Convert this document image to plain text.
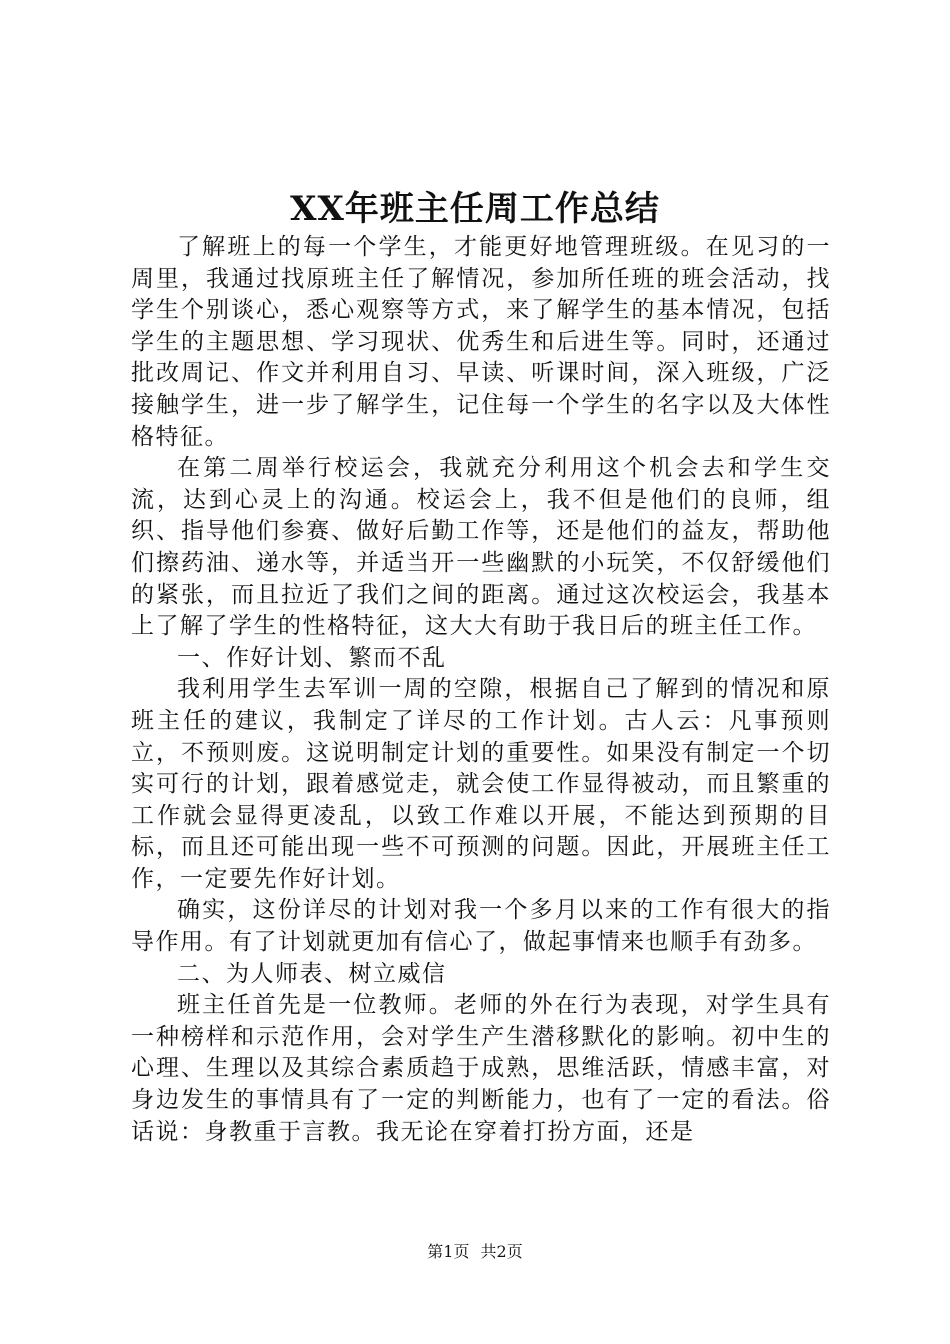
XX年班主任周工作总结

了解班上的每一个学生，才能更好地管理班级。在见习的一周里，我通过找原班主任了解情况，参加所任班的班会活动，找学生个别谈心，悉心观察等方式，来了解学生的基本情况，包括学生的主题思想、学习现状、优秀生和后进生等。同时，还通过批改周记、作文并利用自习、早读、听课时间，深入班级，广泛接触学生，进一步了解学生，记住每一个学生的名字以及大体性格特征。

在第二周举行校运会，我就充分利用这个机会去和学生交流，达到心灵上的沟通。校运会上，我不但是他们的良师，组织、指导他们参赛、做好后勤工作等，还是他们的益友，帮助他们擦药油、递水等，并适当开一些幽默的小玩笑，不仅舒缓他们的紧张，而且拉近了我们之间的距离。通过这次校运会，我基本上了解了学生的性格特征，这大大有助于我日后的班主任工作。

一、作好计划、繁而不乱

我利用学生去军训一周的空隙，根据自己了解到的情况和原班主任的建议，我制定了详尽的工作计划。古人云：凡事预则立，不预则废。这说明制定计划的重要性。如果没有制定一个切实可行的计划，跟着感觉走，就会使工作显得被动，而且繁重的工作就会显得更凌乱，以致工作难以开展，不能达到预期的目标，而且还可能出现一些不可预测的问题。因此，开展班主任工作，一定要先作好计划。

确实，这份详尽的计划对我一个多月以来的工作有很大的指导作用。有了计划就更加有信心了，做起事情来也顺手有劲多。

二、为人师表、树立威信

班主任首先是一位教师。老师的外在行为表现，对学生具有一种榜样和示范作用，会对学生产生潜移默化的影响。初中生的心理、生理以及其综合素质趋于成熟，思维活跃，情感丰富，对身边发生的事情具有了一定的判断能力，也有了一定的看法。俗话说：身教重于言教。我无论在穿着打扮方面，还是

第1页 共2页
